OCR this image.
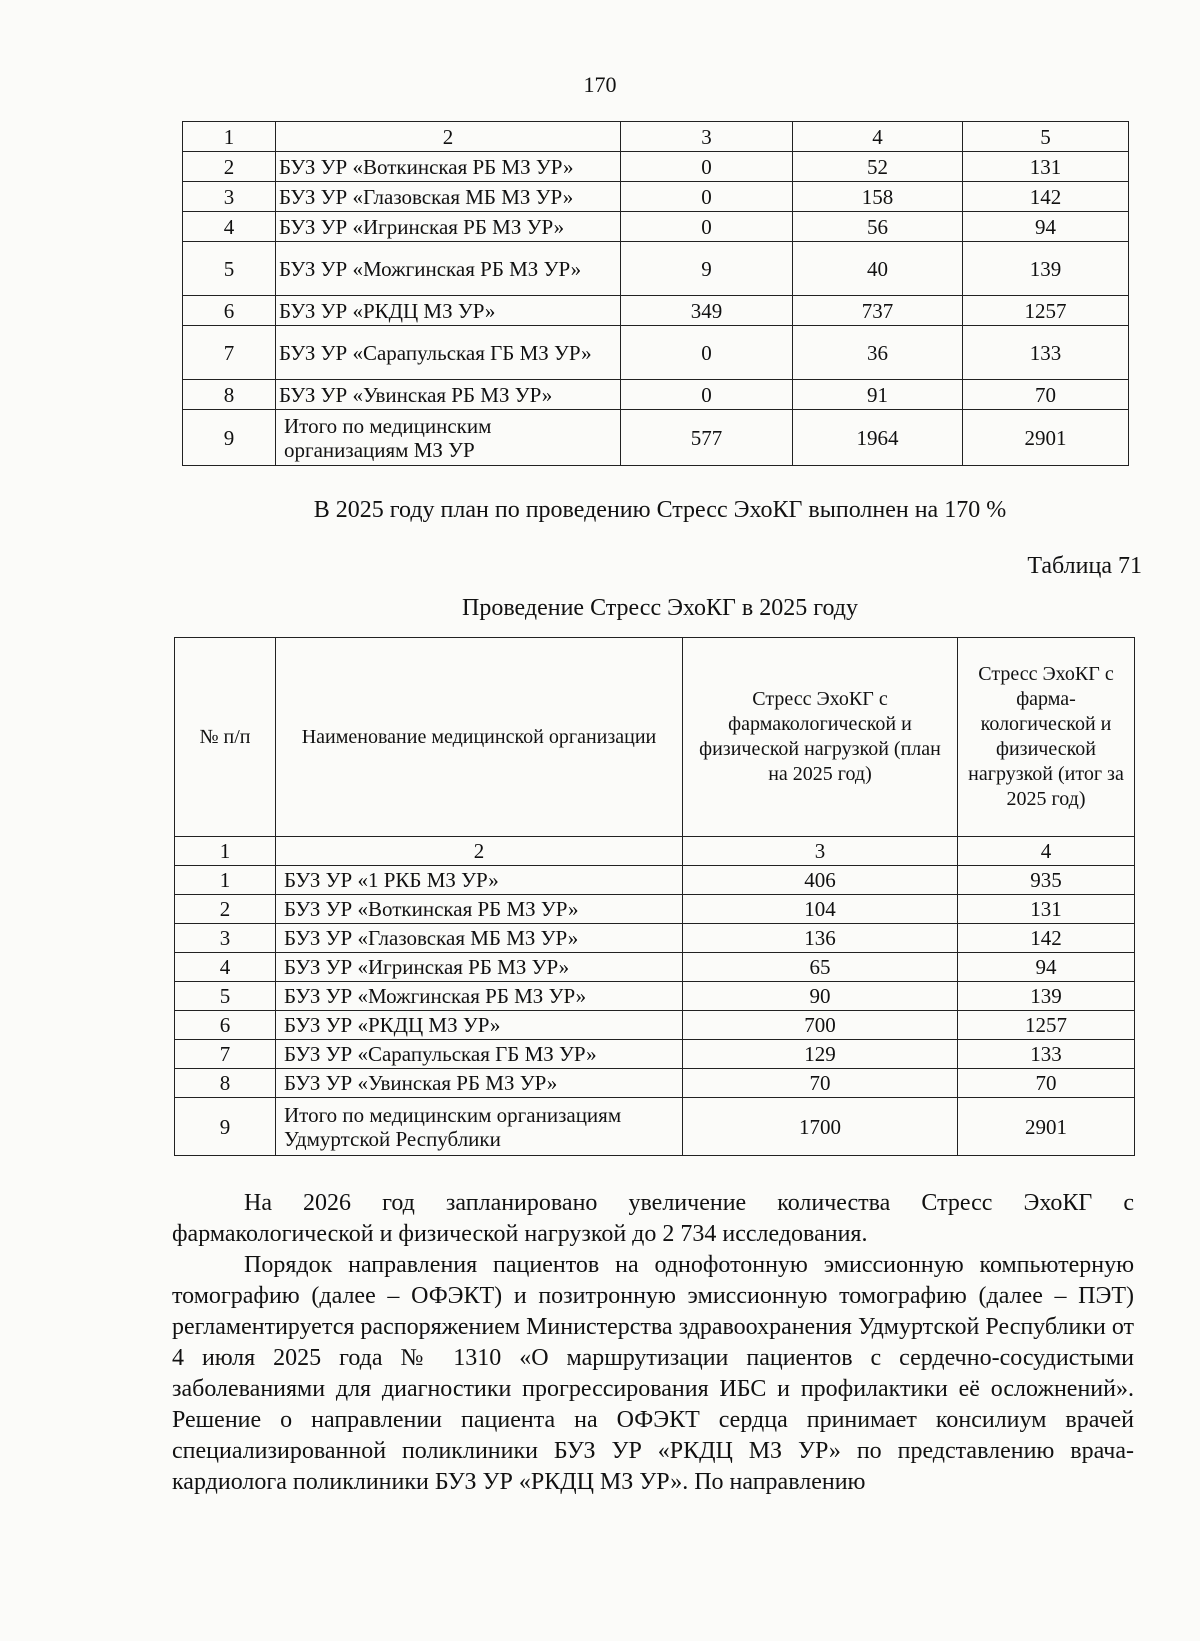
170
1	2	3	4	5
2	БУЗ УР «Воткинская РБ МЗ УР»	0	52	131
3	БУЗ УР «Глазовская МБ МЗ УР»	0	158	142
4	БУЗ УР «Игринская РБ МЗ УР»	0	56	94
5	БУЗ УР «Можгинская РБ МЗ УР»	9	40	139
6	БУЗ УР «РКДЦ МЗ УР»	349	737	1257
7	БУЗ УР «Сарапульская ГБ МЗ УР»	0	36	133
8	БУЗ УР «Увинская РБ МЗ УР»	0	91	70
9	Итого по медицинским организациям МЗ УР	577	1964	2901
В 2025 году план по проведению Стресс ЭхоКГ выполнен на 170 %
Таблица 71
Проведение Стресс ЭхоКГ в 2025 году
№ п/п	Наименование медицинской организации	Стресс ЭхоКГ с фармакологической и физической нагрузкой (план на 2025 год)	Стресс ЭхоКГ с фарма-кологической и физической нагрузкой (итог за 2025 год)
1	2	3	4
1	БУЗ УР «1 РКБ МЗ УР»	406	935
2	БУЗ УР «Воткинская РБ МЗ УР»	104	131
3	БУЗ УР «Глазовская МБ МЗ УР»	136	142
4	БУЗ УР «Игринская РБ МЗ УР»	65	94
5	БУЗ УР «Можгинская РБ МЗ УР»	90	139
6	БУЗ УР «РКДЦ МЗ УР»	700	1257
7	БУЗ УР «Сарапульская ГБ МЗ УР»	129	133
8	БУЗ УР «Увинская РБ МЗ УР»	70	70
9	Итого по медицинским организациям Удмуртской Республики	1700	2901

На 2026 год запланировано увеличение количества Стресс ЭхоКГ с фармакологической и физической нагрузкой до 2 734 исследования.

Порядок направления пациентов на однофотонную эмиссионную компьютерную томографию (далее – ОФЭКТ) и позитронную эмиссионную томографию (далее – ПЭТ) регламентируется распоряжением Министерства здравоохранения Удмуртской Республики от 4 июля 2025 года № 1310 «О маршрутизации пациентов с сердечно-сосудистыми заболеваниями для диагностики прогрессирования ИБС и профилактики её осложнений». Решение о направлении пациента на ОФЭКТ сердца принимает консилиум врачей специализированной поликлиники БУЗ УР «РКДЦ МЗ УР» по представлению врача-кардиолога поликлиники БУЗ УР «РКДЦ МЗ УР». По направлению
